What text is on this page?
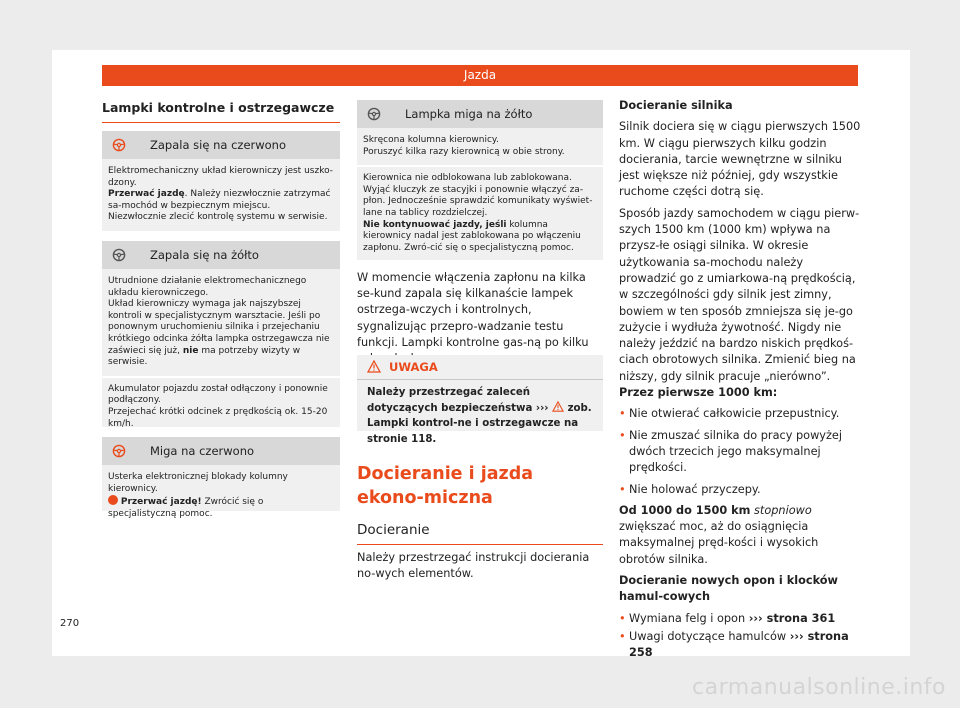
Jazda
Lampki kontrolne i ostrzegawcze
Zapala się na czerwono

Elektromechaniczny układ kierowniczy jest uszko-dzony.

Przerwać jazdę. Należy niezwłocznie zatrzymać sa-mochód w bezpiecznym miejscu.

Niezwłocznie zlecić kontrolę systemu w serwisie.

Zapala się na żółto

Utrudnione działanie elektromechanicznego układu kierowniczego.

Układ kierowniczy wymaga jak najszybszej kontroli w specjalistycznym warsztacie. Jeśli po ponownym uruchomieniu silnika i przejechaniu krótkiego odcinka żółta lampka ostrzegawcza nie zaświeci się już, nie ma potrzeby wizyty w serwisie.

Akumulator pojazdu został odłączony i ponownie podłączony.

Przejechać krótki odcinek z prędkością ok. 15-20 km/h.

Miga na czerwono

Usterka elektronicznej blokady kolumny kierownicy.

Przerwać jazdę! Zwrócić się o specjalistyczną pomoc.

Lampka miga na żółto

Skręcona kolumna kierownicy.

Poruszyć kilka razy kierownicą w obie strony.

Kierownica nie odblokowana lub zablokowana.

Wyjąć kluczyk ze stacyjki i ponownie włączyć za-płon. Jednocześnie sprawdzić komunikaty wyświet-lane na tablicy rozdzielczej.

Nie kontynuować jazdy, jeśli kolumna kierownicy nadal jest zablokowana po włączeniu zapłonu. Zwró-cić się o specjalistyczną pomoc.

W momencie włączenia zapłonu na kilka se-kund zapala się kilkanaście lampek ostrzega-wczych i kontrolnych, sygnalizując przepro-wadzanie testu funkcji. Lampki kontrolne gas-ną po kilku
UWAGA
Należy przestrzegać zaleceń dotyczących bezpieczeństwa ››› zob. Lampki kontrol-ne i ostrzegawcze na stronie 118.
Docieranie i jazda ekono-miczna
Docieranie
Należy przestrzegać instrukcji docierania no-wych elementów.

Docieranie silnika

Silnik dociera się w ciągu pierwszych 1500 km. W ciągu pierwszych kilku godzin docierania, tarcie wewnętrzne w silniku jest większe niż później, gdy wszystkie ruchome części dotrą się.

Sposób jazdy samochodem w ciągu pierw-szych 1500 km (1000 km) wpływa na przysz-łe osiągi silnika. W okresie użytkowania sa-mochodu należy prowadzić go z umiarkowa-ną prędkością, w szczególności gdy silnik jest zimny, bowiem w ten sposób zmniejsza się je-go zużycie i wydłuża żywotność. Nigdy nie należy jeździć na bardzo niskich prędkoś-ciach obrotowych silnika. Zmienić bieg na niższy, gdy silnik pracuje „nierówno”. Przez pierwsze 1000 km:

• Nie otwierać całkowicie przepustnicy.

• Nie zmuszać silnika do pracy powyżej dwóch trzecich jego maksymalnej prędkości.

• Nie holować przyczepy.

Od 1000 do 1500 km stopniowo zwiększać moc, aż do osiągnięcia maksymalnej pręd-kości i wysokich obrotów silnika.

Docieranie nowych opon i klocków hamul-cowych

• Wymiana felg i opon ››› strona 361

• Uwagi dotyczące hamulców ››› strona 258

270
carmanualsonline.info
